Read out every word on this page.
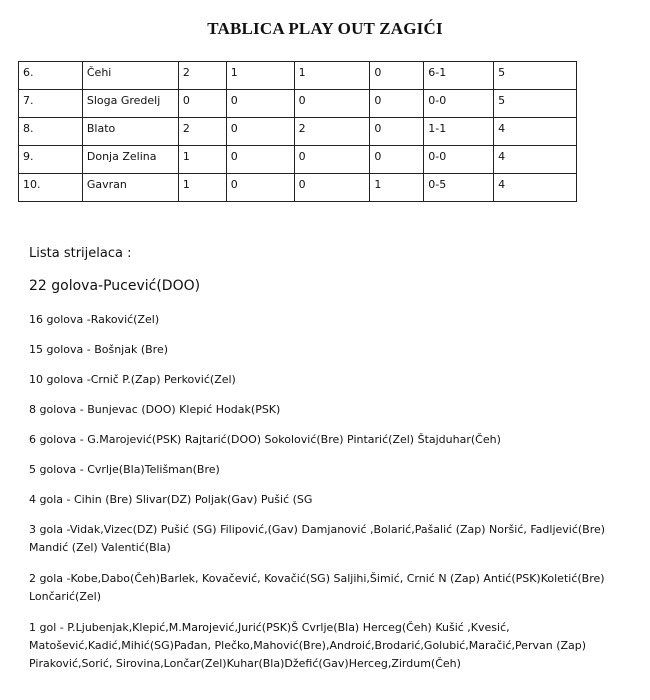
TABLICA PLAY OUT ZAGIĆI
6.	Čehi	2	1	1	0	6-1	5
7.	Sloga Gredelj	0	0	0	0	0-0	5
8.	Blato	2	0	2	0	1-1	4
9.	Donja Zelina	1	0	0	0	0-0	4
10.	Gavran	1	0	0	1	0-5	4
Lista strijelaca :
22 golova-Pucević(DOO)
16 golova -Raković(Zel)
15 golova - Bošnjak (Bre)
10 golova -Crnič P.(Zap) Perković(Zel)
8 golova - Bunjevac (DOO) Klepić Hodak(PSK)
6 golova - G.Marojević(PSK) Rajtarić(DOO) Sokolović(Bre) Pintarić(Zel) Štajduhar(Čeh)
5 golova - Cvrlje(Bla)Telišman(Bre)
4 gola - Cihin (Bre) Slivar(DZ) Poljak(Gav) Pušić (SG
3 gola -Vidak,Vizec(DZ) Pušić (SG) Filipović,(Gav) Damjanović ,Bolarić,Pašalić (Zap) Noršić, Fadljević(Bre) Mandić (Zel) Valentić(Bla)
2 gola -Kobe,Dabo(Čeh)Barlek, Kovačević, Kovačić(SG) Saljihi,Šimić, Crnić N (Zap) Antić(PSK)Koletić(Bre) Lončarić(Zel)
1 gol - P.Ljubenjak,Klepić,M.Marojević,Jurić(PSK)Š Cvrlje(Bla) Herceg(Čeh) Kušić ,Kvesić, Matošević,Kadić,Mihić(SG)Pađan, Plečko,Mahović(Bre),Androić,Brodarić,Golubić,Maračić,Pervan (Zap) Piraković,Sorić, Sirovina,Lončar(Zel)Kuhar(Bla)Džefić(Gav)Herceg,Zirdum(Čeh)
